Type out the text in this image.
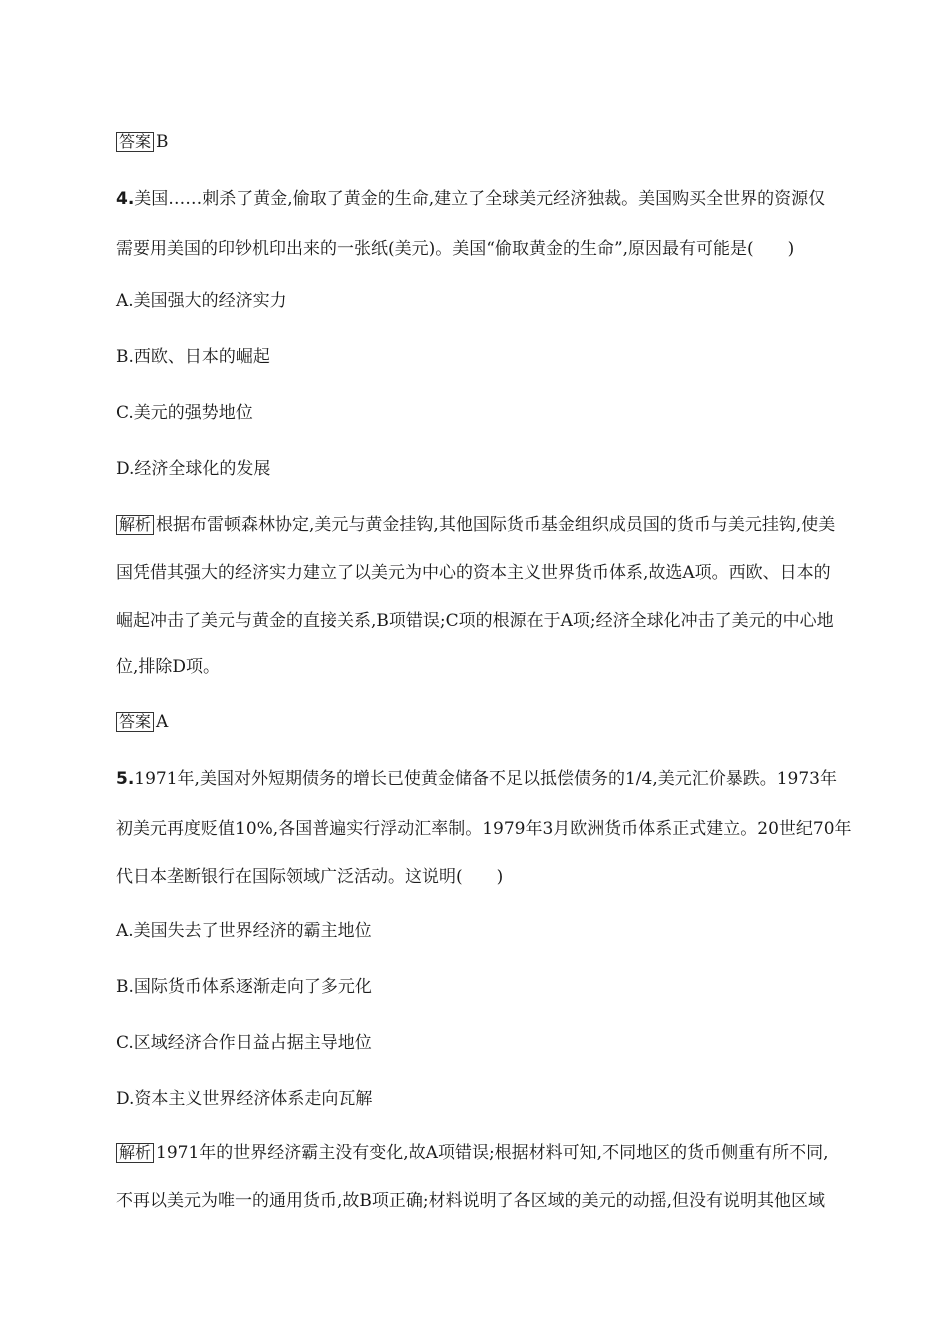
答案 B
4.美国……刺杀了黄金,偷取了黄金的生命,建立了全球美元经济独裁。美国购买全世界的资源仅
需要用美国的印钞机印出来的一张纸(美元)。美国“偷取黄金的生命”,原因最有可能是(　　)
A.美国强大的经济实力
B.西欧、日本的崛起
C.美元的强势地位
D.经济全球化的发展
解析 根据布雷顿森林协定,美元与黄金挂钩,其他国际货币基金组织成员国的货币与美元挂钩,使美
国凭借其强大的经济实力建立了以美元为中心的资本主义世界货币体系,故选A项。西欧、日本的
崛起冲击了美元与黄金的直接关系,B项错误;C项的根源在于A项;经济全球化冲击了美元的中心地
位,排除D项。
答案 A
5.1971年,美国对外短期债务的增长已使黄金储备不足以抵偿债务的1/4,美元汇价暴跌。1973年
初美元再度贬值10%,各国普遍实行浮动汇率制。1979年3月欧洲货币体系正式建立。20世纪70年
代日本垄断银行在国际领域广泛活动。这说明(　　)
A.美国失去了世界经济的霸主地位
B.国际货币体系逐渐走向了多元化
C.区域经济合作日益占据主导地位
D.资本主义世界经济体系走向瓦解
解析 1971年的世界经济霸主没有变化,故A项错误;根据材料可知,不同地区的货币侧重有所不同,
不再以美元为唯一的通用货币,故B项正确;材料说明了各区域的美元的动摇,但没有说明其他区域
